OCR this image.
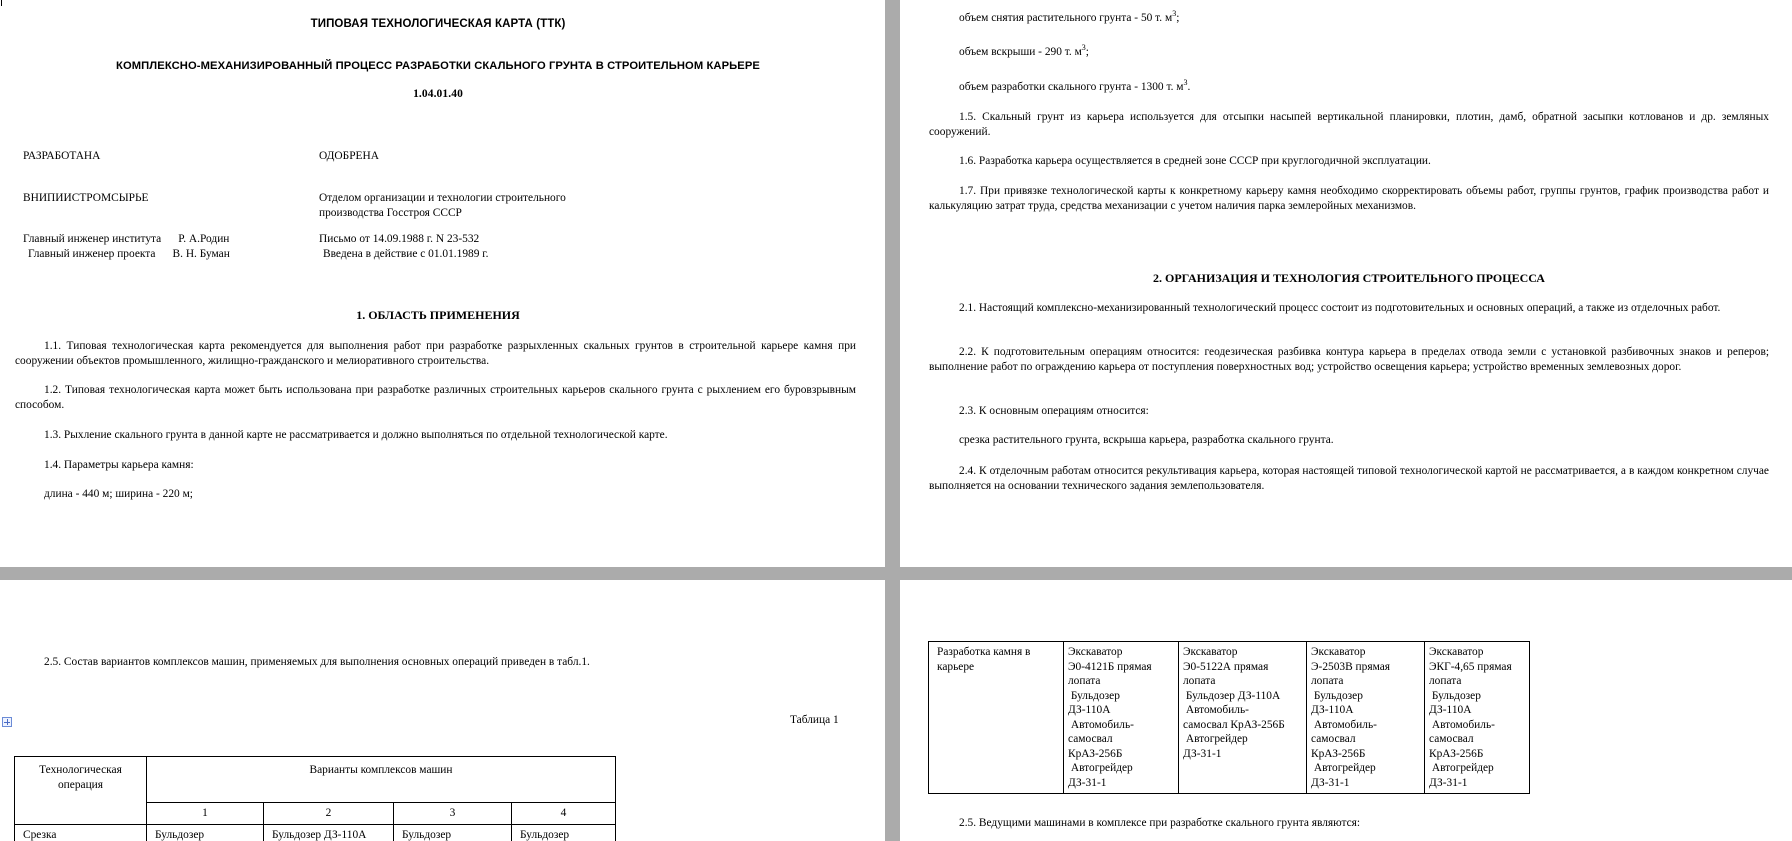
ТИПОВАЯ ТЕХНОЛОГИЧЕСКАЯ КАРТА (ТТК)
КОМПЛЕКСНО-МЕХАНИЗИРОВАННЫЙ ПРОЦЕСС РАЗРАБОТКИ СКАЛЬНОГО ГРУНТА В СТРОИТЕЛЬНОМ КАРЬЕРЕ
1.04.01.40
РАЗРАБОТАНА	ОДОБРЕНА
ВНИПИИСТРОМСЫРЬЕ	Отделом организации и технологии строительного
производства Госстроя СССР
Главный инженер института      Р. А.Родин
Главный инженер проекта      В. Н. Буман
Письмо от 14.09.1988 г. N 23-532
Введена в действие с 01.01.1989 г.
1. ОБЛАСТЬ ПРИМЕНЕНИЯ
1.1. Типовая технологическая карта рекомендуется для выполнения работ при разработке разрыхленных скальных грунтов в строительной карьере камня при сооружении объектов промышленного, жилищно-гражданского и мелиоративного строительства.
1.2. Типовая технологическая карта может быть использована при разработке различных строительных карьеров скального грунта с рыхлением его буровзрывным способом.
1.3. Рыхление скального грунта в данной карте не рассматривается и должно выполняться по отдельной технологической карте.
1.4. Параметры карьера камня:
длина - 440 м; ширина - 220 м;
объем снятия растительного грунта - 50 т. $м^3$;
объем вскрыши - 290 т. $м^3$;
объем разработки скального грунта - 1300 т. $м^3$.
1.5. Скальный грунт из карьера используется для отсыпки насыпей вертикальной планировки, плотин, дамб, обратной засыпки котлованов и др. земляных сооружений.
1.6. Разработка карьера осуществляется в средней зоне СССР при круглогодичной эксплуатации.
1.7. При привязке технологической карты к конкретному карьеру камня необходимо скорректировать объемы работ, группы грунтов, график производства работ и калькуляцию затрат труда, средства механизации с учетом наличия парка землеройных механизмов.
2. ОРГАНИЗАЦИЯ И ТЕХНОЛОГИЯ СТРОИТЕЛЬНОГО ПРОЦЕССА
2.1. Настоящий комплексно-механизированный технологический процесс состоит из подготовительных и основных операций, а также из отделочных работ.
2.2. К подготовительным операциям относится: геодезическая разбивка контура карьера в пределах отвода земли с установкой разбивочных знаков и реперов; выполнение работ по ограждению карьера от поступления поверхностных вод; устройство освещения карьера; устройство временных землевозных дорог.
2.3. К основным операциям относится:
срезка растительного грунта, вскрыша карьера, разработка скального грунта.
2.4. К отделочным работам относится рекультивация карьера, которая настоящей типовой технологической картой не рассматривается, а в каждом конкретном случае выполняется на основании технического задания землепользователя.
2.5. Состав вариантов комплексов машин, применяемых для выполнения основных операций приведен в табл.1.
Таблица 1
Технологическая операция	Варианты комплексов машин			
	1	2	3	4
Срезка	Бульдозер	Бульдозер ДЗ-110А	Бульдозер	Бульдозер
Разработка камня в карьере	Экскаватор
Э0-4121Б прямая
лопата
Бульдозер
ДЗ-110А
Автомобиль-
самосвал
КрАЗ-256Б
Автогрейдер
ДЗ-31-1	Экскаватор
Э0-5122А прямая
лопата
Бульдозер ДЗ-110А
Автомобиль-
самосвал КрАЗ-256Б
Автогрейдер
ДЗ-31-1	Экскаватор
Э-2503В прямая
лопата
Бульдозер
ДЗ-110А
Автомобиль-
самосвал
КрАЗ-256Б
Автогрейдер
ДЗ-31-1	Экскаватор
ЭКГ-4,65 прямая
лопата
Бульдозер
ДЗ-110А
Автомобиль-
самосвал
КрАЗ-256Б
Автогрейдер
ДЗ-31-1
2.5. Ведущими машинами в комплексе при разработке скального грунта являются:
